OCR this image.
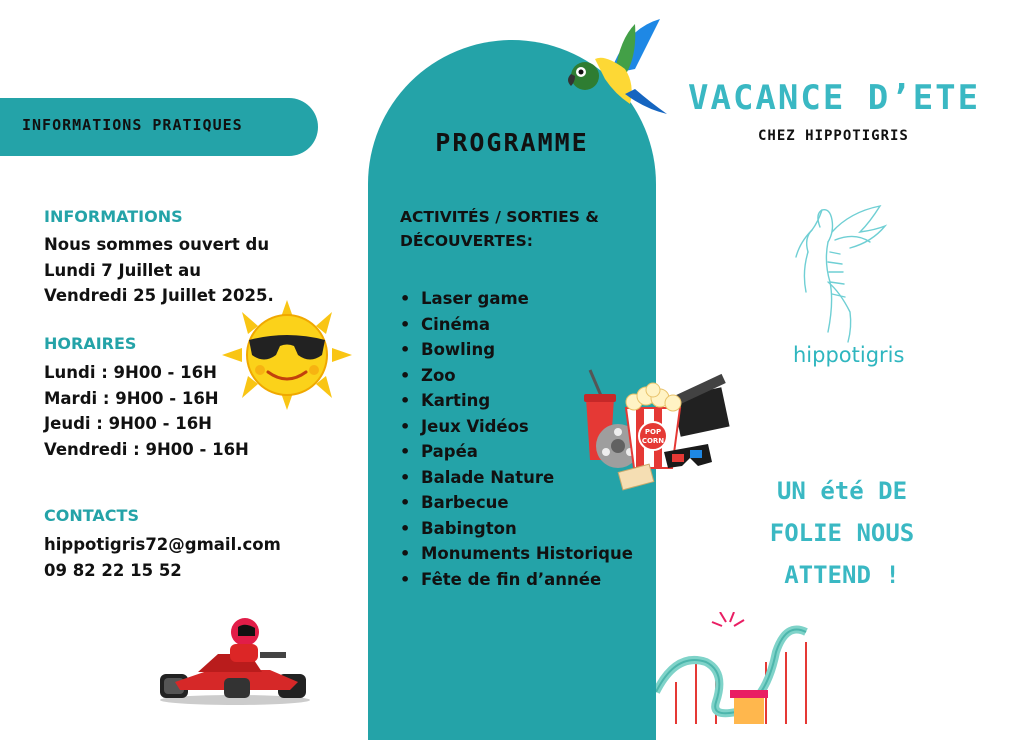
INFORMATIONS PRATIQUES
INFORMATIONS
Nous sommes ouvert du
Lundi 7 Juillet au
Vendredi 25 Juillet 2025.
HORAIRES
Lundi : 9H00 - 16H
Mardi : 9H00 - 16H
Jeudi : 9H00 - 16H
Vendredi : 9H00 - 16H
CONTACTS
hippotigris72@gmail.com
09 82 22 15 52
PROGRAMME
ACTIVITÉS / SORTIES &
DÉCOUVERTES:
• Laser game
• Cinéma
• Bowling
• Zoo
• Karting
• Jeux Vidéos
• Papéa
• Balade Nature
• Barbecue
• Babington
• Monuments Historique
• Fête de fin d’année
POP
CORN
VACANCE D’ETE
CHEZ HIPPOTIGRIS
hippotigris
UN été DE
FOLIE NOUS
ATTEND !
